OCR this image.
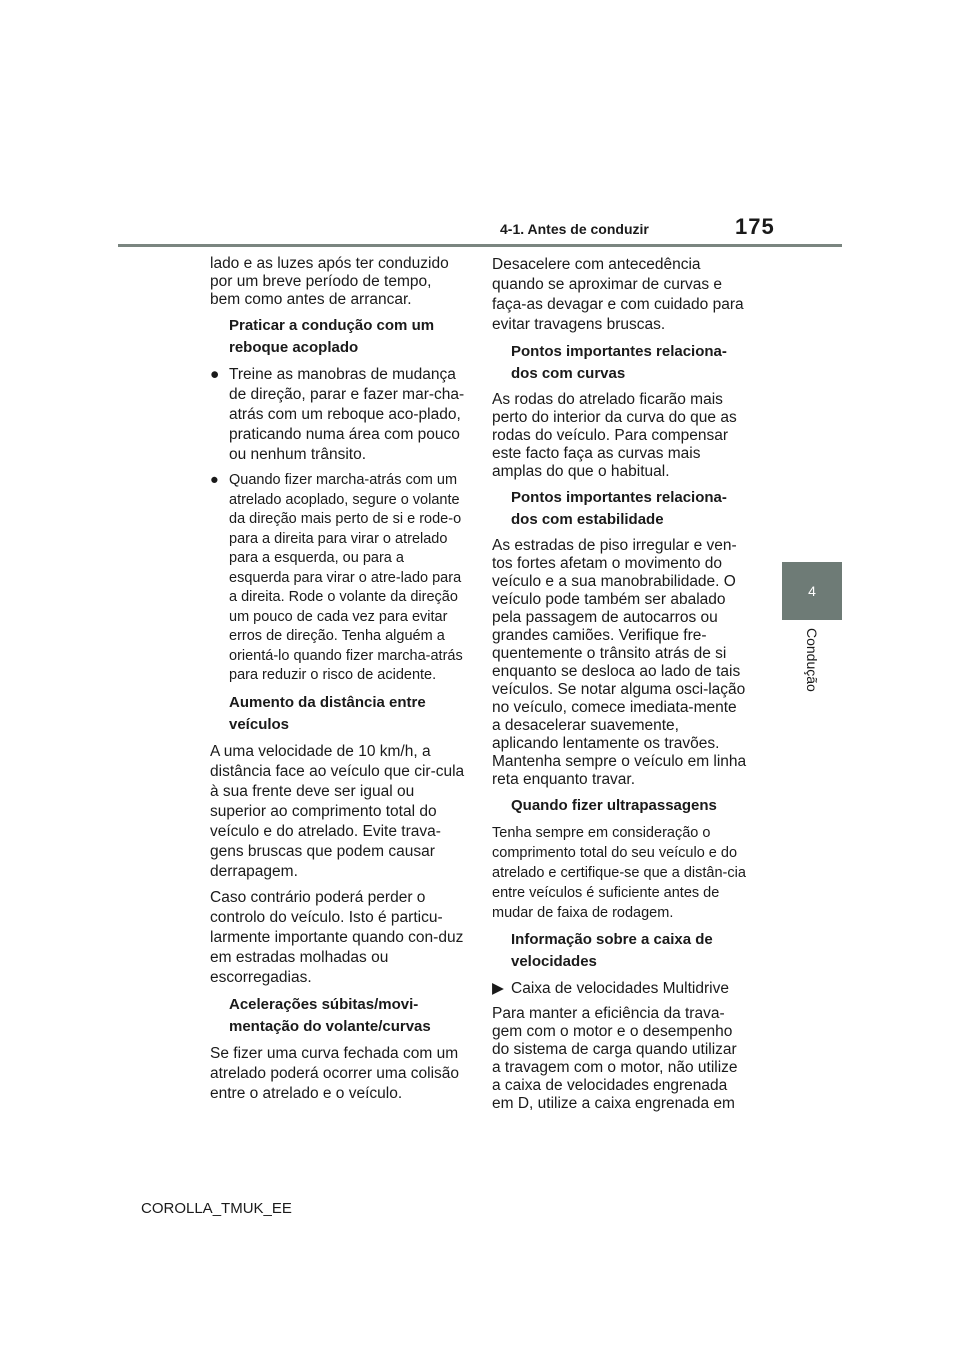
4-1. Antes de conduzir	175
4
Condução

lado e as luzes após ter conduzido por um breve período de tempo, bem como antes de arrancar.

Praticar a condução com um reboque acoplado
● Treine as manobras de mudança de direção, parar e fazer mar-cha-atrás com um reboque aco-plado, praticando numa área com pouco ou nenhum trânsito.
● Quando fizer marcha-atrás com um atrelado acoplado, segure o volante da direção mais perto de si e rode-o para a direita para virar o atrelado para a esquerda, ou para a esquerda para virar o atre-lado para a direita. Rode o volante da direção um pouco de cada vez para evitar erros de direção. Tenha alguém a orientá-lo quando fizer marcha-atrás para reduzir o risco de acidente.
Aumento da distância entre veículos

A uma velocidade de 10 km/h, a distância face ao veículo que cir-cula à sua frente deve ser igual ou superior ao comprimento total do veículo e do atrelado. Evite trava-gens bruscas que podem causar derrapagem.

Caso contrário poderá perder o controlo do veículo. Isto é particu-larmente importante quando con-duz em estradas molhadas ou escorregadias.

Acelerações súbitas/movi-mentação do volante/curvas

Se fizer uma curva fechada com um atrelado poderá ocorrer uma colisão entre o atrelado e o veículo.

Desacelere com antecedência quando se aproximar de curvas e faça-as devagar e com cuidado para evitar travagens bruscas.

Pontos importantes relaciona-dos com curvas

As rodas do atrelado ficarão mais perto do interior da curva do que as rodas do veículo. Para compensar este facto faça as curvas mais amplas do que o habitual.

Pontos importantes relaciona-dos com estabilidade

As estradas de piso irregular e ven-tos fortes afetam o movimento do veículo e a sua manobrabilidade. O veículo pode também ser abalado pela passagem de autocarros ou grandes camiões. Verifique fre-quentemente o trânsito atrás de si enquanto se desloca ao lado de tais veículos. Se notar alguma osci-lação no veículo, comece imediata-mente a desacelerar suavemente, aplicando lentamente os travões. Mantenha sempre o veículo em linha reta enquanto travar.

Quando fizer ultrapassagens

Tenha sempre em consideração o comprimento total do seu veículo e do atrelado e certifique-se que a distân-cia entre veículos é suficiente antes de mudar de faixa de rodagem.

Informação sobre a caixa de velocidades
▶ Caixa de velocidades Multidrive

Para manter a eficiência da trava-gem com o motor e o desempenho do sistema de carga quando utilizar a travagem com o motor, não utilize a caixa de velocidades engrenada em D, utilize a caixa engrenada em

COROLLA_TMUK_EE
